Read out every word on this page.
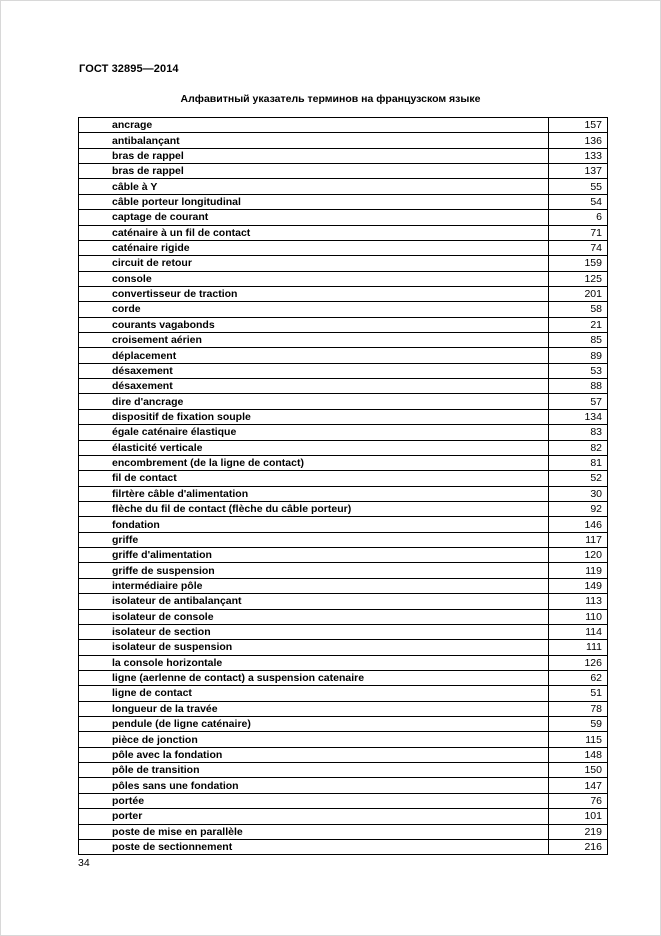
ГОСТ 32895—2014
Алфавитный указатель терминов на французском языке
ancrage	157
antibalançant	136
bras de rappel	133
bras de rappel	137
câble à Y	55
câble porteur longitudinal	54
captage de courant	6
caténaire à un fil de contact	71
caténaire rigide	74
circuit de retour	159
console	125
convertisseur de traction	201
corde	58
courants vagabonds	21
croisement aérien	85
déplacement	89
désaxement	53
désaxement	88
dire d'ancrage	57
dispositif de fixation souple	134
égale caténaire élastique	83
élasticité verticale	82
encombrement (de la ligne de contact)	81
fil de contact	52
filrtère câble d'alimentation	30
flèche du fil de contact (flèche du câble porteur)	92
fondation	146
griffe	117
griffe d'alimentation	120
griffe de suspension	119
intermédiaire pôle	149
isolateur de antibalançant	113
isolateur de console	110
isolateur de section	114
isolateur de suspension	111
la console horizontale	126
ligne (aerlenne de contact) a suspension catenaire	62
ligne de contact	51
longueur de la travée	78
pendule (de ligne caténaire)	59
pièce de jonction	115
pôle avec la fondation	148
pôle de transition	150
pôles sans une fondation	147
portée	76
porter	101
poste de mise en parallèle	219
poste de sectionnement	216
34
